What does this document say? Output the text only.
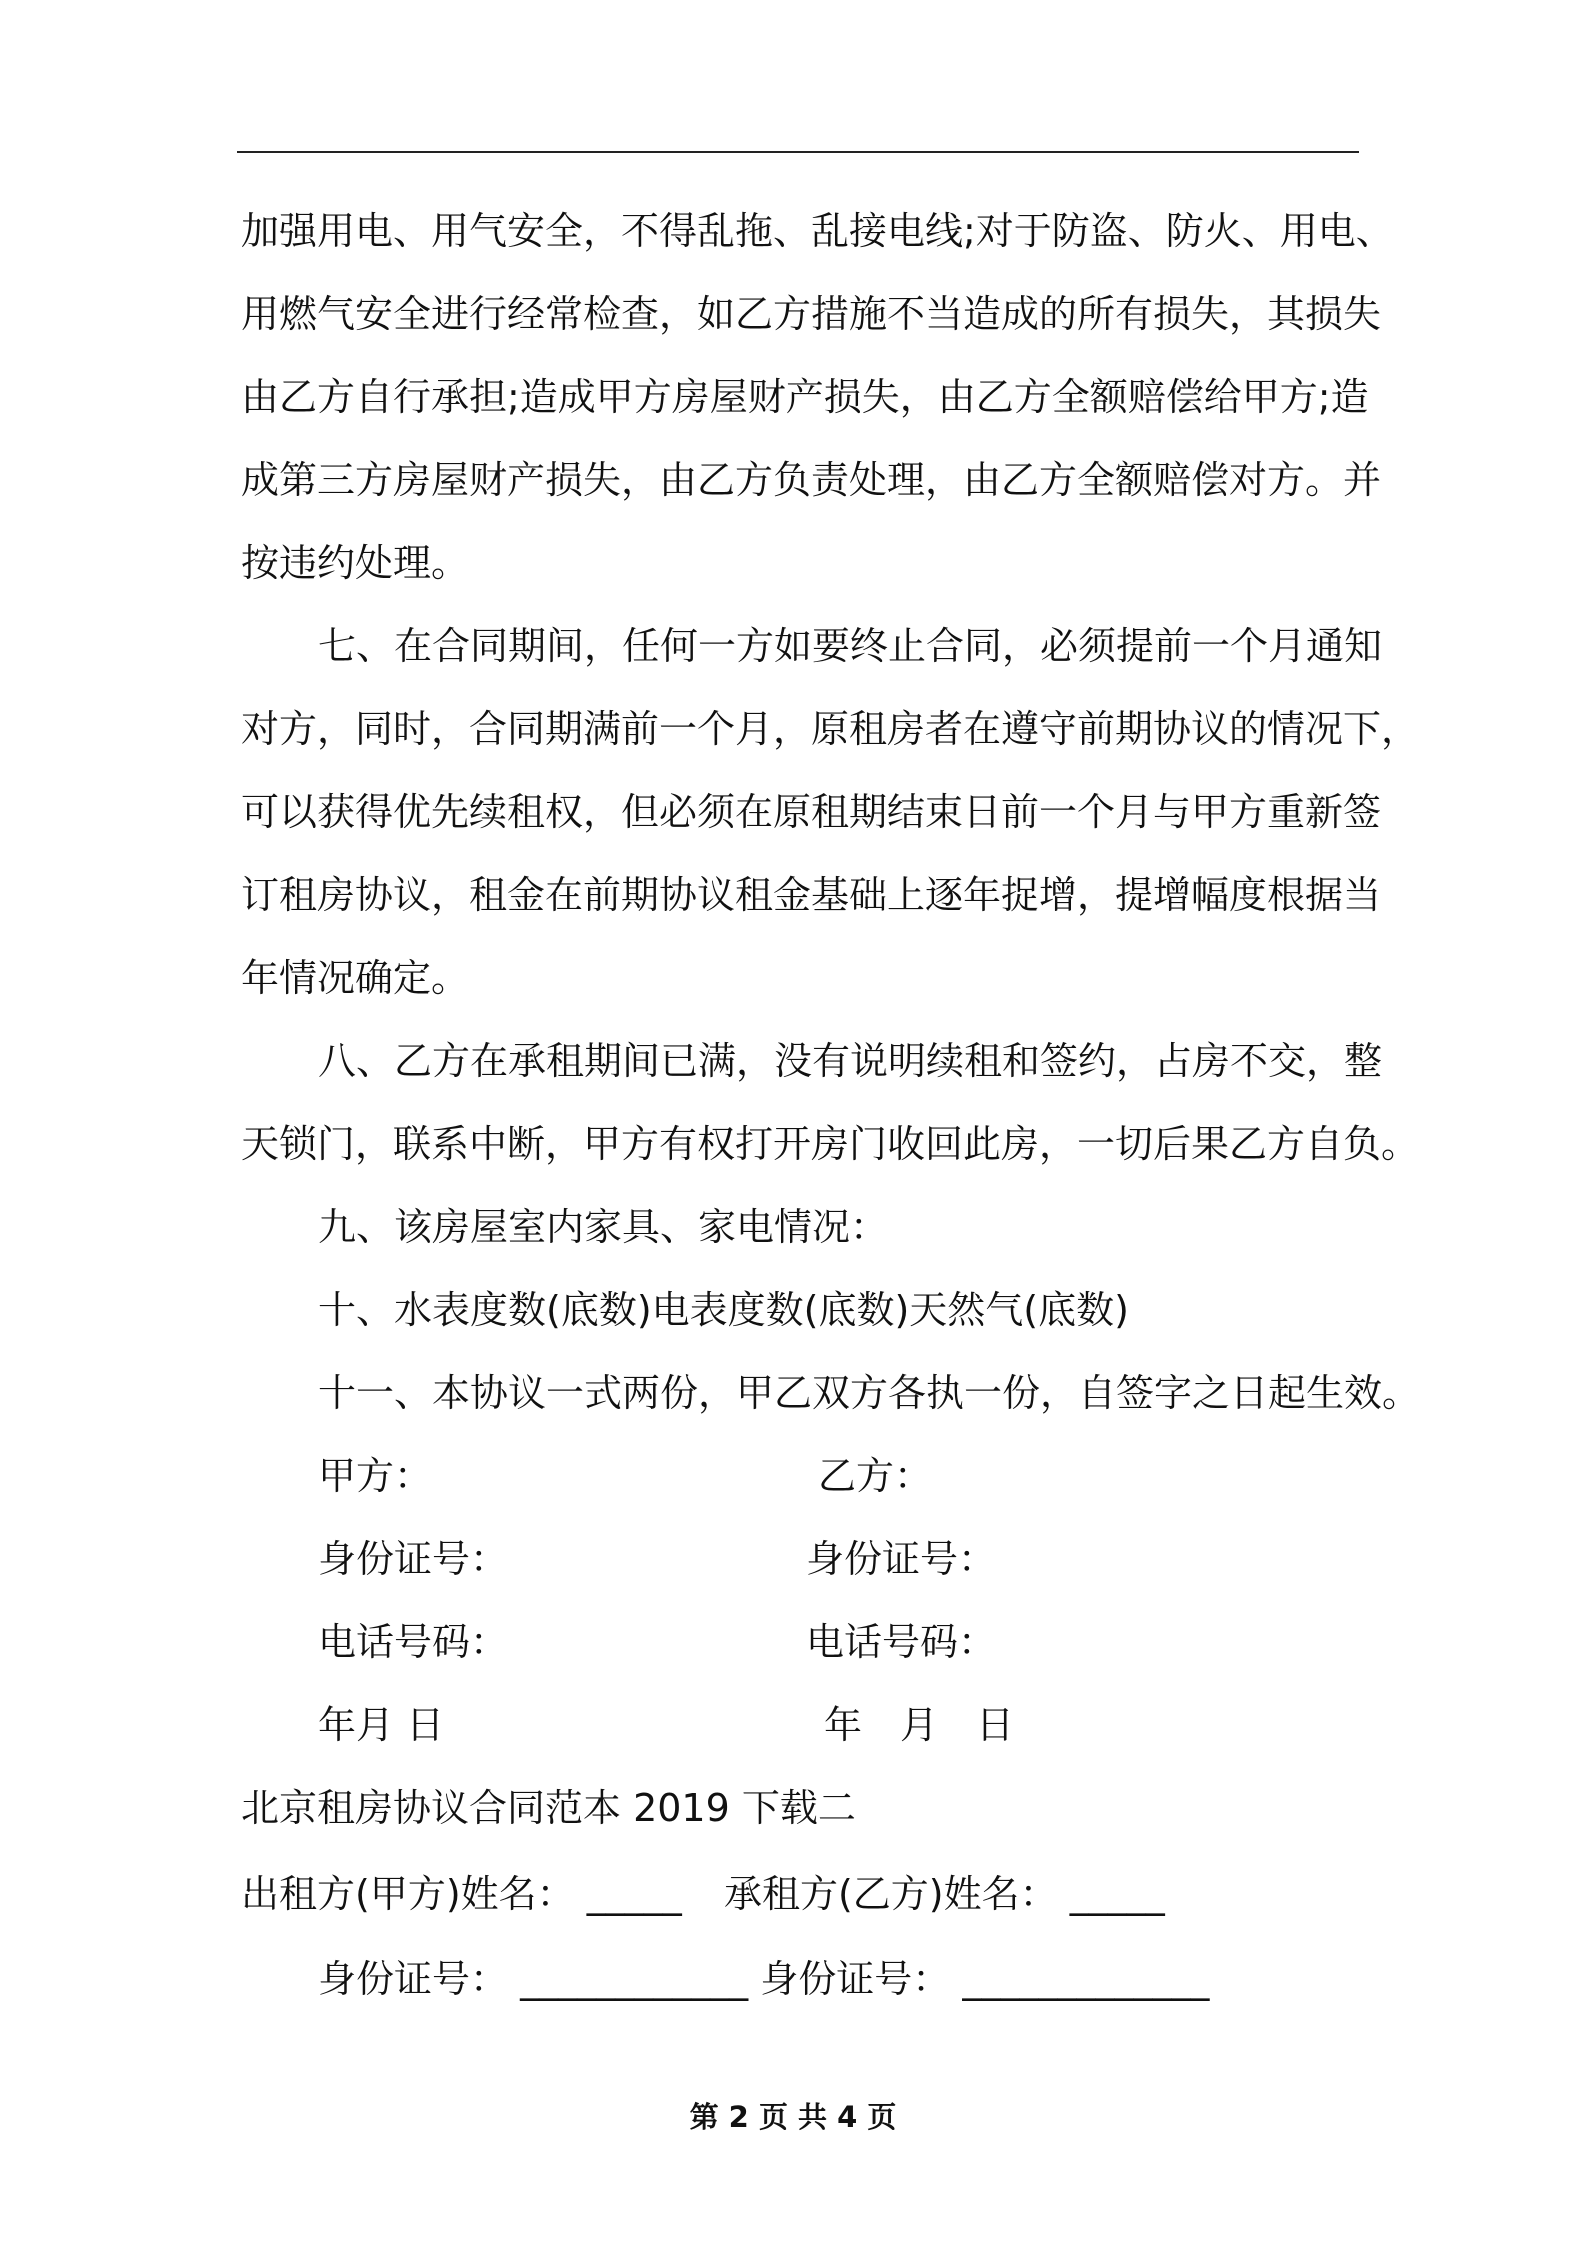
加强用电、用气安全，不得乱拖、乱接电线;对于防盗、防火、用电、
用燃气安全进行经常检查，如乙方措施不当造成的所有损失，其损失
由乙方自行承担;造成甲方房屋财产损失，由乙方全额赔偿给甲方;造
成第三方房屋财产损失，由乙方负责处理，由乙方全额赔偿对方。并
按违约处理。
七、在合同期间，任何一方如要终止合同，必须提前一个月通知
对方，同时，合同期满前一个月，原租房者在遵守前期协议的情况下，
可以获得优先续租权，但必须在原租期结束日前一个月与甲方重新签
订租房协议，租金在前期协议租金基础上逐年捉增，提增幅度根据当
年情况确定。
八、乙方在承租期间已满，没有说明续租和签约，占房不交，整
天锁门，联系中断，甲方有权打开房门收回此房，一切后果乙方自负。
九、该房屋室内家具、家电情况：
十、水表度数(底数)电表度数(底数)天然气(底数)
十一、本协议一式两份，甲乙双方各执一份，自签字之日起生效。
甲方：	乙方：
身份证号：	身份证号：
电话号码：	电话号码：
年月 日	年　月　日
北京租房协议合同范本 2019 下载二
出租方(甲方)姓名： _____ 承租方(乙方)姓名： _____
身份证号： ____________ 身份证号： _____________
第 2 页 共 4 页
